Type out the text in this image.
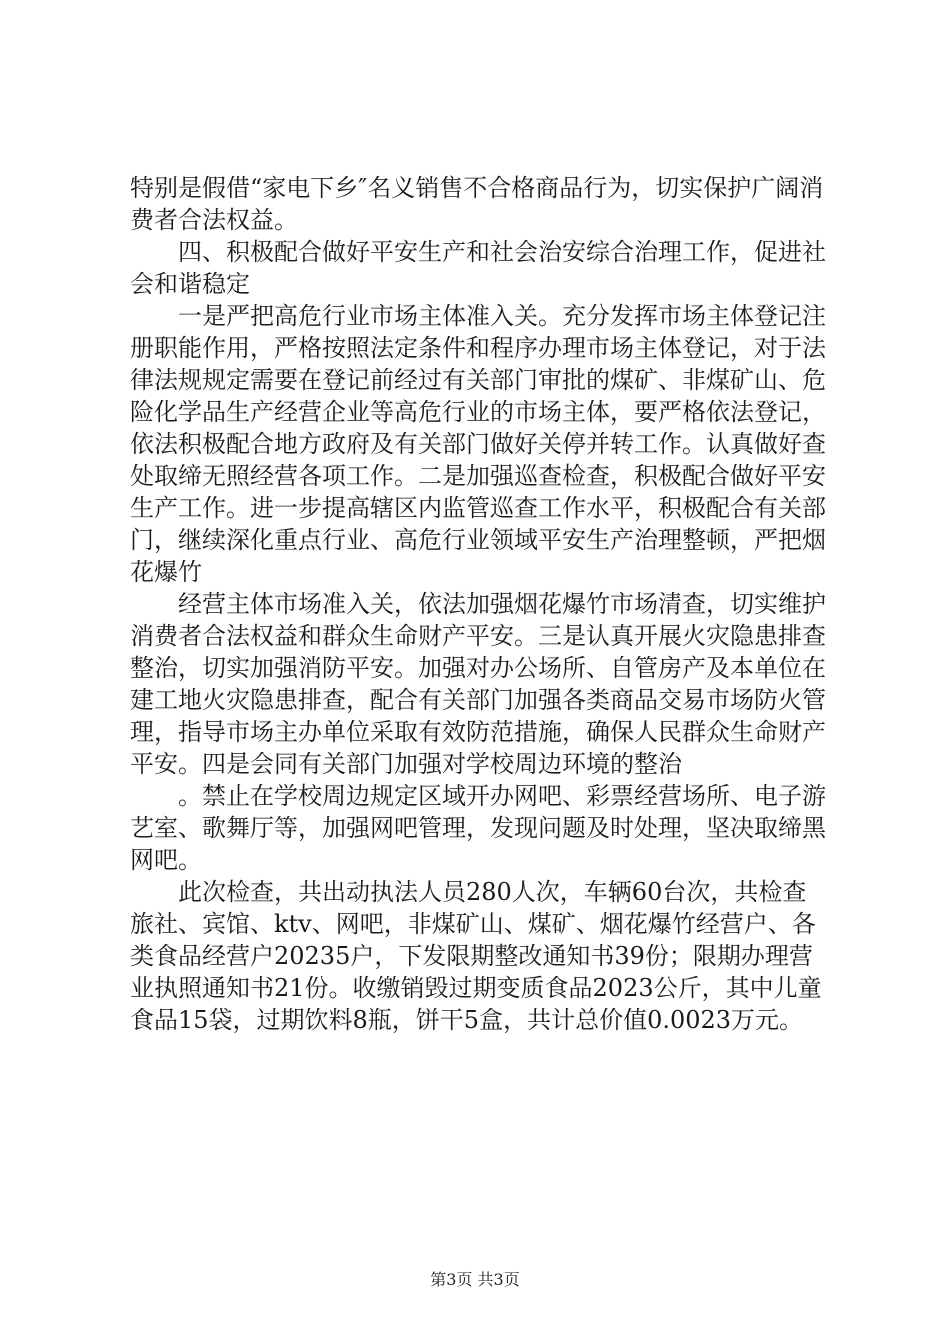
特别是假借“家电下乡″名义销售不合格商品行为，切实保护广阔消费者合法权益。

四、积极配合做好平安生产和社会治安综合治理工作，促进社会和谐稳定

一是严把高危行业市场主体准入关。充分发挥市场主体登记注册职能作用，严格按照法定条件和程序办理市场主体登记，对于法律法规规定需要在登记前经过有关部门审批的煤矿、非煤矿山、危险化学品生产经营企业等高危行业的市场主体，要严格依法登记，依法积极配合地方政府及有关部门做好关停并转工作。认真做好查处取缔无照经营各项工作。二是加强巡查检查，积极配合做好平安生产工作。进一步提高辖区内监管巡查工作水平，积极配合有关部门，继续深化重点行业、高危行业领域平安生产治理整顿，严把烟花爆竹

经营主体市场准入关，依法加强烟花爆竹市场清查，切实维护消费者合法权益和群众生命财产平安。三是认真开展火灾隐患排查整治，切实加强消防平安。加强对办公场所、自管房产及本单位在建工地火灾隐患排查，配合有关部门加强各类商品交易市场防火管理，指导市场主办单位采取有效防范措施，确保人民群众生命财产平安。四是会同有关部门加强对学校周边环境的整治

。禁止在学校周边规定区域开办网吧、彩票经营场所、电子游艺室、歌舞厅等，加强网吧管理，发现问题及时处理，坚决取缔黑网吧。

此次检查，共出动执法人员280人次，车辆60台次，共检查旅社、宾馆、ktv、网吧，非煤矿山、煤矿、烟花爆竹经营户、各类食品经营户20235户，下发限期整改通知书39份；限期办理营业执照通知书21份。收缴销毁过期变质食品2023公斤，其中儿童食品15袋，过期饮料8瓶，饼干5盒，共计总价值0.0023万元。

第3页 共3页
